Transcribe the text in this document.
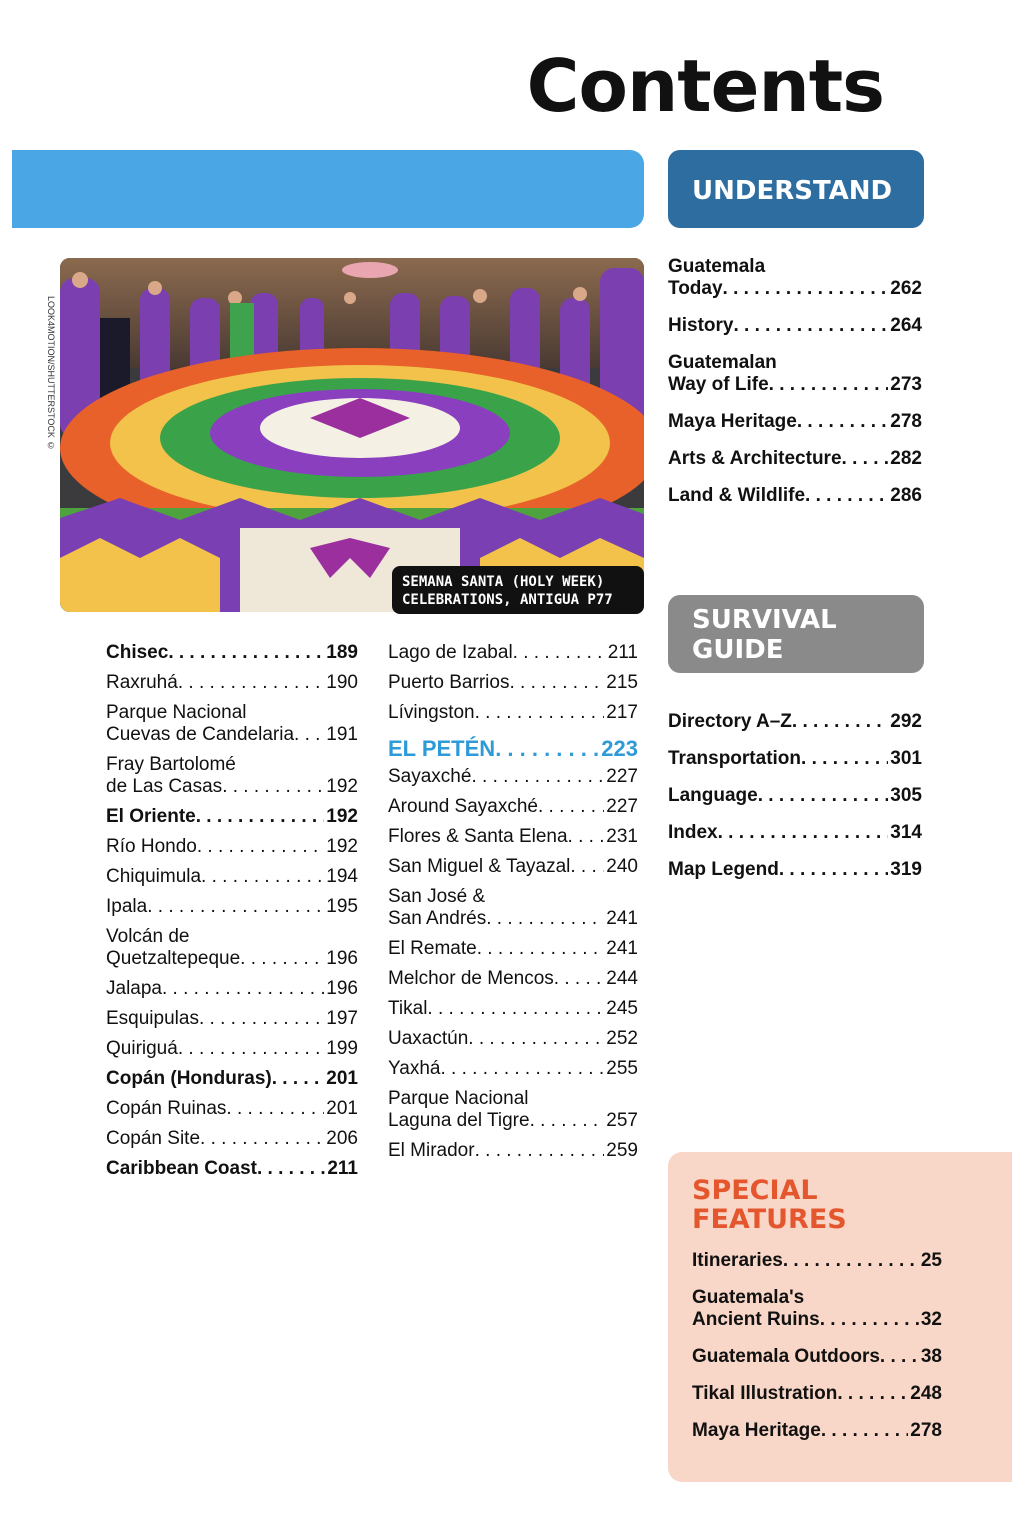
Contents
LOOK4MOTION/SHUTTERSTOCK ©
SEMANA SANTA (HOLY WEEK)
CELEBRATIONS, ANTIGUA P77
Chisec . . .	189
Raxruhá . . .	190
Parque Nacional
Cuevas de Candelaria . . . 191
Fray Bartolomé
de Las Casas . . .	192
El Oriente . . .	192
Río Hondo . . .	192
Chiquimula . . .	194
Ipala . . .	195
Volcán de
Quetzaltepeque . . .	196
Jalapa . . .	196
Esquipulas . . .	197
Quiriguá . . .	199
Copán (Honduras) . . .	201
Copán Ruinas . . .	201
Copán Site . . .	206
Caribbean Coast . . .	211
Lago de Izabal . . .	211
Puerto Barrios . . .	215
Lívingston . . .	217
EL PETÉN . . .	223
Sayaxché . . .	227
Around Sayaxché . . .	227
Flores & Santa Elena . . . 231
San Miguel & Tayazal . . . 240
San José &
San Andrés . . .	241
El Remate . . .	241
Melchor de Mencos . . .	244
Tikal . . .	245
Uaxactún . . .	252
Yaxhá . . .	255
Parque Nacional
Laguna del Tigre . . .	257
El Mirador . . .	259
UNDERSTAND
Guatemala
Today . . .	262
History . . .	264
Guatemalan
Way of Life . . .	273
Maya Heritage . . .	278
Arts & Architecture . . .	282
Land & Wildlife . . .	286
SURVIVAL
GUIDE
Directory A–Z . . .	292
Transportation . . .	301
Language . . .	305
Index . . .	314
Map Legend . . .	319
SPECIAL
FEATURES
Itineraries . . .	25
Guatemala's
Ancient Ruins . . .	32
Guatemala Outdoors . . . 38
Tikal Illustration . . .	248
Maya Heritage . . .	278
